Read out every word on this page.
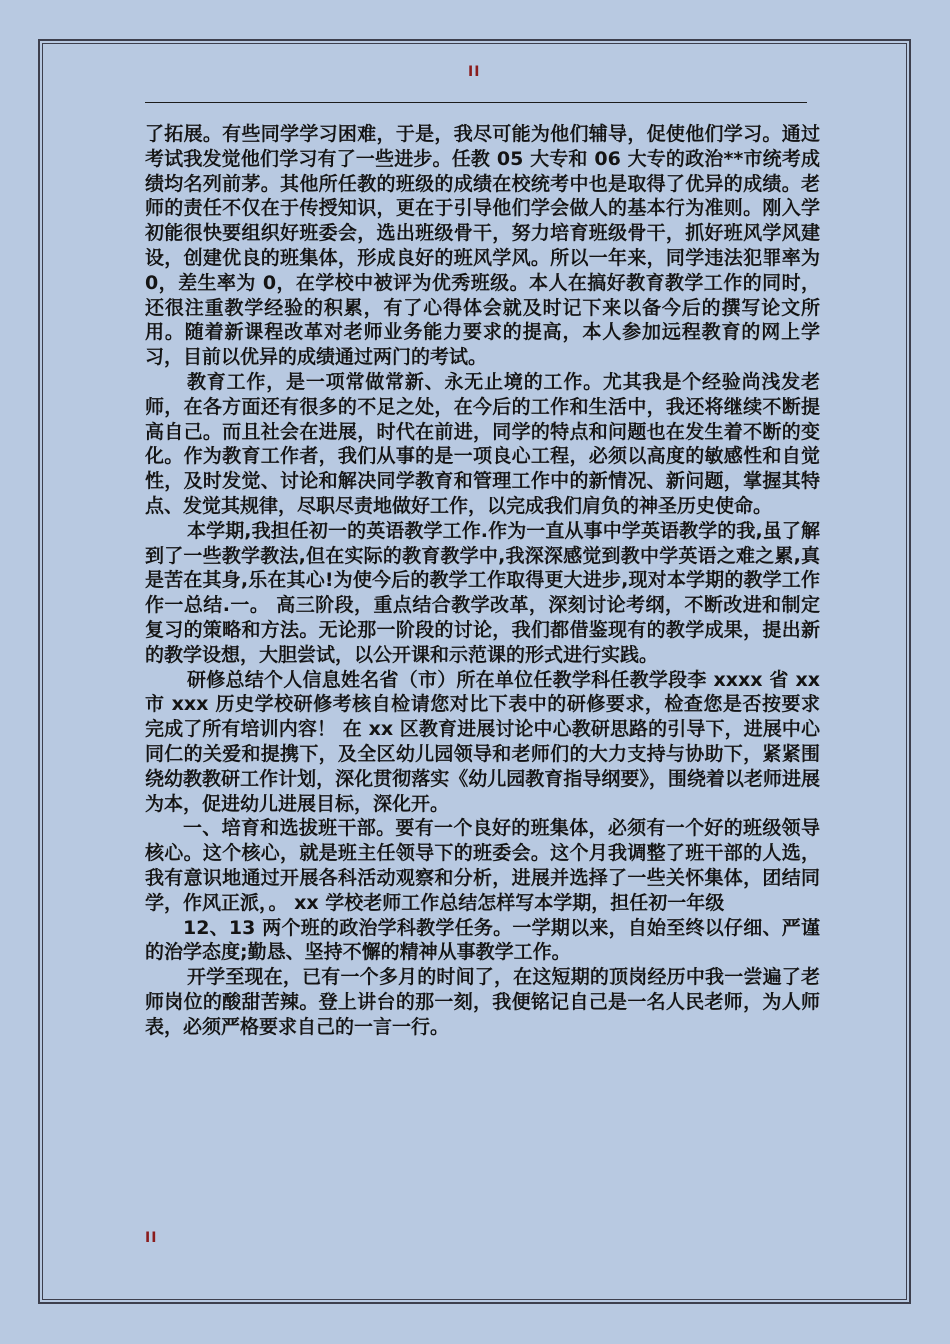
II

了拓展。有些同学学习困难，于是，我尽可能为他们辅导，促使他们学习。通过考试我发觉他们学习有了一些进步。任教 05 大专和 06 大专的政治**市统考成绩均名列前茅。其他所任教的班级的成绩在校统考中也是取得了优异的成绩。老师的责任不仅在于传授知识，更在于引导他们学会做人的基本行为准则。刚入学初能很快要组织好班委会，选出班级骨干，努力培育班级骨干，抓好班风学风建设，创建优良的班集体，形成良好的班风学风。所以一年来，同学违法犯罪率为 0，差生率为 0，在学校中被评为优秀班级。本人在搞好教育教学工作的同时，还很注重教学经验的积累，有了心得体会就及时记下来以备今后的撰写论文所用。随着新课程改革对老师业务能力要求的提高，本人参加远程教育的网上学习，目前以优异的成绩通过两门的考试。

教育工作，是一项常做常新、永无止境的工作。尤其我是个经验尚浅发老师，在各方面还有很多的不足之处，在今后的工作和生活中，我还将继续不断提高自己。而且社会在进展，时代在前进，同学的特点和问题也在发生着不断的变化。作为教育工作者，我们从事的是一项良心工程，必须以高度的敏感性和自觉性，及时发觉、讨论和解决同学教育和管理工作中的新情况、新问题，掌握其特点、发觉其规律，尽职尽责地做好工作，以完成我们肩负的神圣历史使命。

本学期,我担任初一的英语教学工作.作为一直从事中学英语教学的我,虽了解到了一些教学教法,但在实际的教育教学中,我深深感觉到教中学英语之难之累,真是苦在其身,乐在其心!为使今后的教学工作取得更大进步,现对本学期的教学工作作一总结.一。 高三阶段，重点结合教学改革，深刻讨论考纲，不断改进和制定复习的策略和方法。无论那一阶段的讨论，我们都借鉴现有的教学成果，提出新的教学设想，大胆尝试，以公开课和示范课的形式进行实践。

研修总结个人信息姓名省（市）所在单位任教学科任教学段李 xxxx 省 xx 市 xxx 历史学校研修考核自检请您对比下表中的研修要求，检查您是否按要求完成了所有培训内容！ 在 xx 区教育进展讨论中心教研思路的引导下，进展中心同仁的关爱和提携下，及全区幼儿园领导和老师们的大力支持与协助下，紧紧围绕幼教教研工作计划，深化贯彻落实《幼儿园教育指导纲要》，围绕着以老师进展为本，促进幼儿进展目标，深化开。

一、培育和选拔班干部。要有一个良好的班集体，必须有一个好的班级领导核心。这个核心，就是班主任领导下的班委会。这个月我调整了班干部的人选，我有意识地通过开展各科活动观察和分析，进展并选择了一些关怀集体，团结同学，作风正派，。 xx 学校老师工作总结怎样写本学期，担任初一年级

12、13 两个班的政治学科教学任务。一学期以来，自始至终以仔细、严谨的治学态度;勤恳、坚持不懈的精神从事教学工作。

开学至现在，已有一个多月的时间了，在这短期的顶岗经历中我一尝遍了老师岗位的酸甜苦辣。登上讲台的那一刻，我便铭记自己是一名人民老师，为人师表，必须严格要求自己的一言一行。

II
